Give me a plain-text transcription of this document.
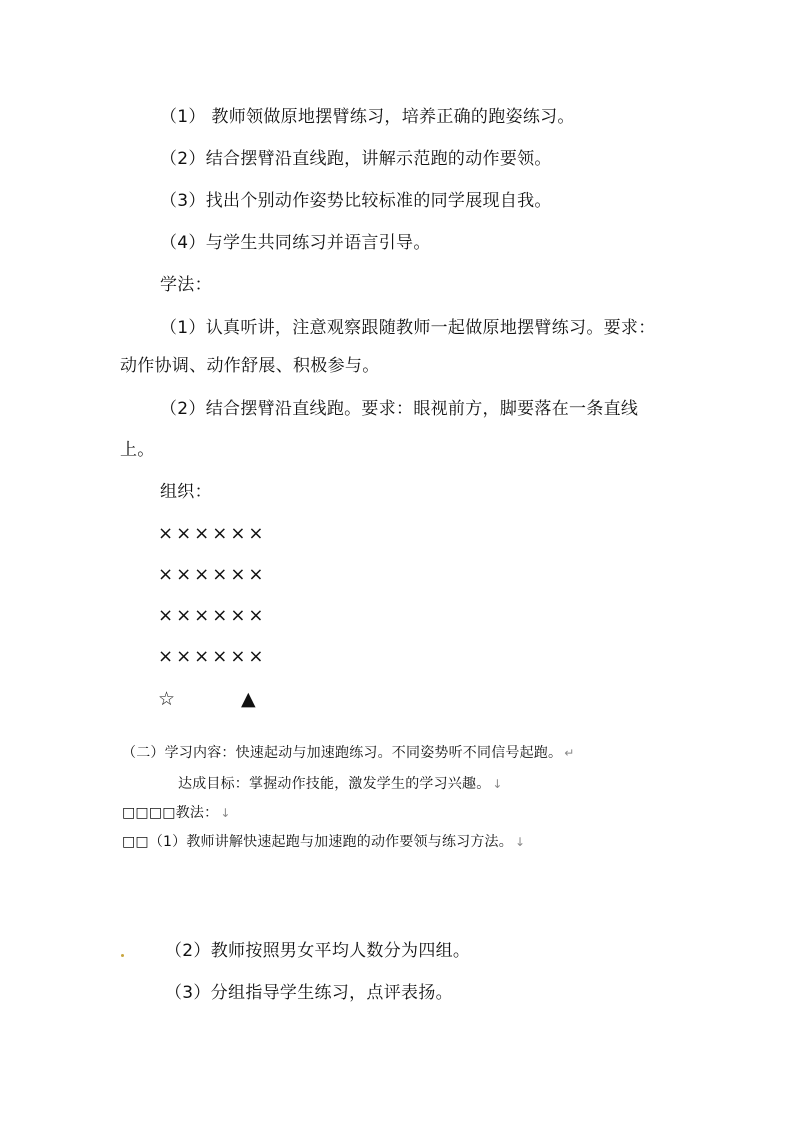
（1） 教师领做原地摆臂练习，培养正确的跑姿练习。
（2）结合摆臂沿直线跑，讲解示范跑的动作要领。
（3）找出个别动作姿势比较标准的同学展现自我。
（4）与学生共同练习并语言引导。
学法：
（1）认真听讲，注意观察跟随教师一起做原地摆臂练习。要求：
动作协调、动作舒展、积极参与。
（2）结合摆臂沿直线跑。要求：眼视前方，脚要落在一条直线
上。
组织：
××××××
××××××
××××××
××××××
☆	▲
（二）学习内容：快速起动与加速跑练习。不同姿势听不同信号起跑。 ↵
达成目标：掌握动作技能，激发学生的学习兴趣。 ↓
□□□□教法： ↓
□□（1）教师讲解快速起跑与加速跑的动作要领与练习方法。 ↓
（2）教师按照男女平均人数分为四组。
（3）分组指导学生练习，点评表扬。
